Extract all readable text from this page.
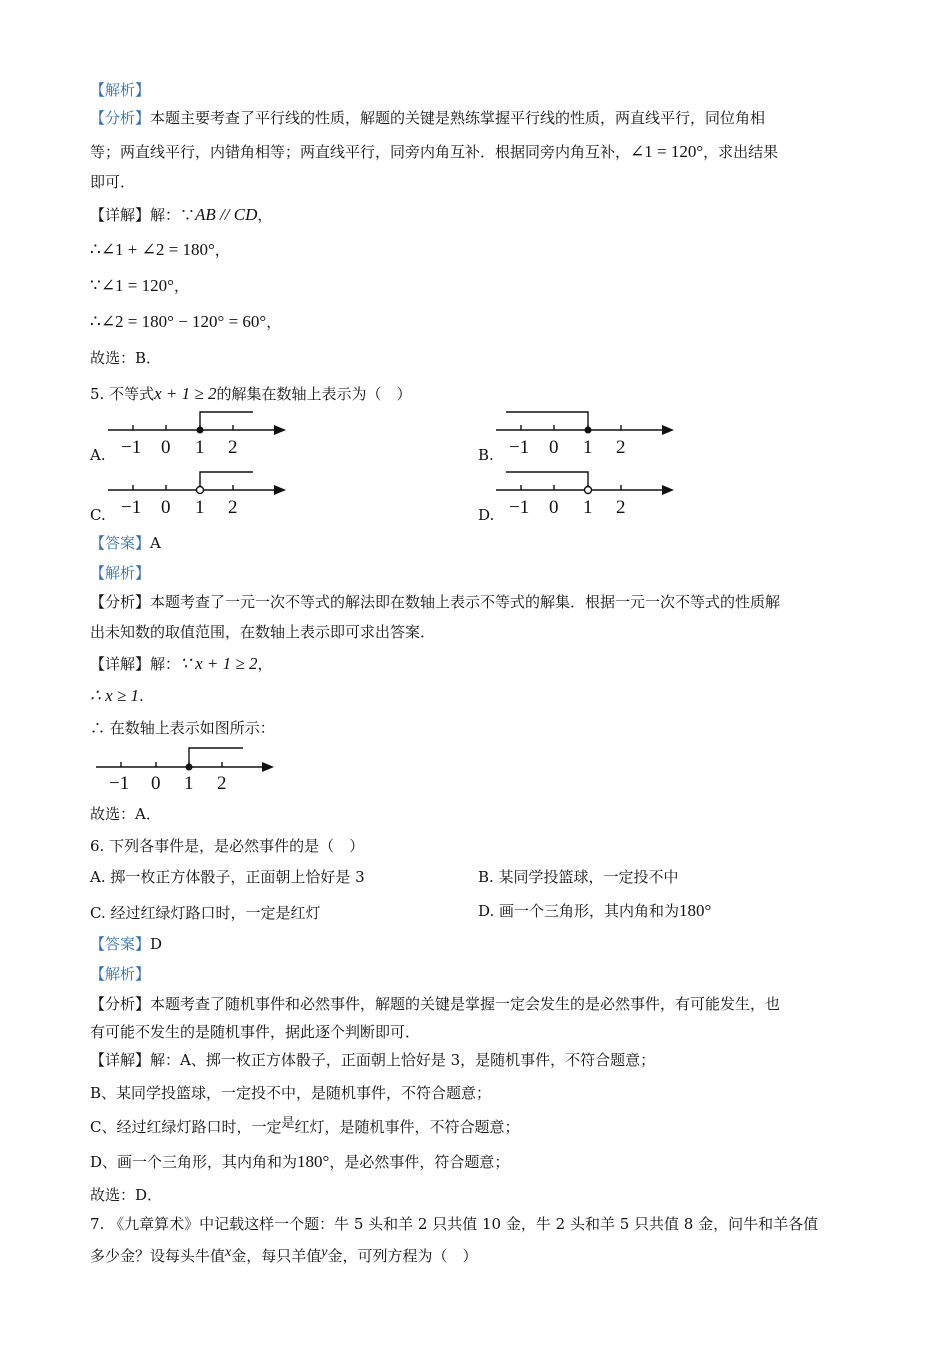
【解析】
【分析】本题主要考查了平行线的性质，解题的关键是熟练掌握平行线的性质，两直线平行，同位角相
等；两直线平行，内错角相等；两直线平行，同旁内角互补．根据同旁内角互补，∠1 = 120°，求出结果
即可．
【详解】解：∵AB // CD，
∴∠1 + ∠2 = 180°，
∵∠1 = 120°，
∴∠2 = 180° − 120° = 60°，
故选：B．
5. 不等式x + 1 ≥ 2的解集在数轴上表示为（　）
A. −1 0 1 2	B. −1 0 1 2
C. −1 0 1 2	D. −1 0 1 2
【答案】A
【解析】
【分析】本题考查了一元一次不等式的解法即在数轴上表示不等式的解集．根据一元一次不等式的性质解
出未知数的取值范围，在数轴上表示即可求出答案．
【详解】解：∵ x + 1 ≥ 2，
∴ x ≥ 1.
∴ 在数轴上表示如图所示：
−1 0 1 2
故选：A．
6. 下列各事件是，是必然事件的是（　）
A. 掷一枚正方体骰子，正面朝上恰好是 3	B. 某同学投篮球，一定投不中
C. 经过红绿灯路口时，一定是红灯	D. 画一个三角形，其内角和为180°
【答案】D
【解析】
【分析】本题考查了随机事件和必然事件，解题的关键是掌握一定会发生的是必然事件，有可能发生，也
有可能不发生的是随机事件，据此逐个判断即可．
【详解】解：A、掷一枚正方体骰子，正面朝上恰好是 3，是随机事件，不符合题意；
B、某同学投篮球，一定投不中，是随机事件，不符合题意；
C、经过红绿灯路口时，一定是红灯，是随机事件，不符合题意；
D、画一个三角形，其内角和为180°，是必然事件，符合题意；
故选：D．
7. 《九章算术》中记载这样一个题：牛 5 头和羊 2 只共值 10 金，牛 2 头和羊 5 只共值 8 金，问牛和羊各值
多少金？设每头牛值x金，每只羊值y金，可列方程为（　）
